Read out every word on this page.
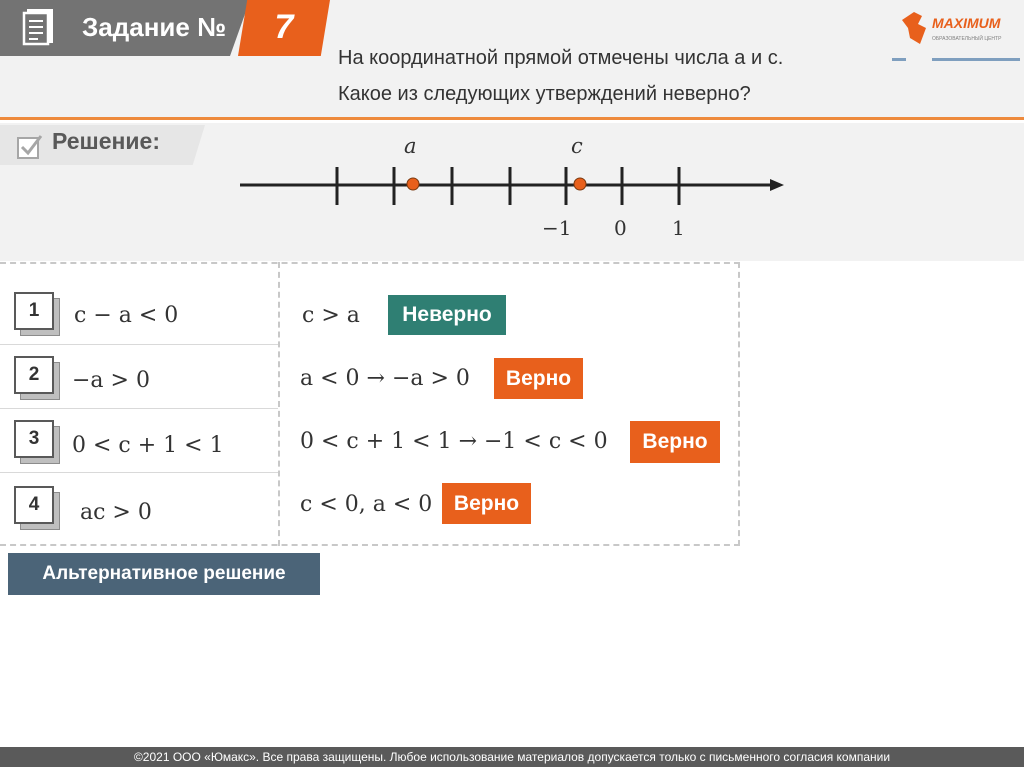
Задание №	7
На координатной прямой отмечены числа a и c.
Какое из следующих утверждений неверно?
MAXIMUM
ОБРАЗОВАТЕЛЬНЫЙ ЦЕНТР
Решение:	a	c
−1 0 1
1	c − a < 0	c > a	Неверно
2	−a > 0	a < 0 → −a > 0	Верно
3	0 < c + 1 < 1	0 < c + 1 < 1 → −1 < c < 0	Верно
4	ac > 0	c < 0, a < 0	Верно
Альтернативное решение
©2021 ООО «Юмакс». Все права защищены. Любое использование материалов допускается только с письменного согласия компании
